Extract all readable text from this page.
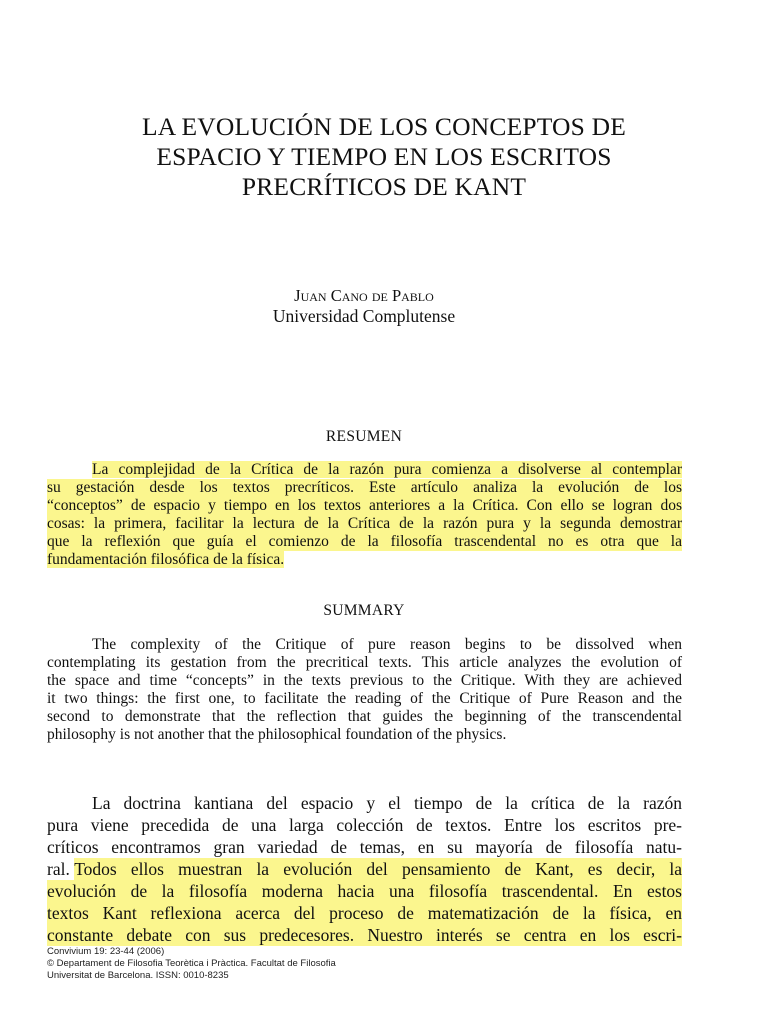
LA EVOLUCIÓN DE LOS CONCEPTOS DE
ESPACIO Y TIEMPO EN LOS ESCRITOS
PRECRÍTICOS DE KANT
Juan Cano de Pablo
Universidad Complutense
RESUMEN
La complejidad de la Crítica de la razón pura comienza a disolverse al contemplar
su gestación desde los textos precríticos. Este artículo analiza la evolución de los
“conceptos” de espacio y tiempo en los textos anteriores a la Crítica. Con ello se logran dos
cosas: la primera, facilitar la lectura de la Crítica de la razón pura y la segunda demostrar
que la reflexión que guía el comienzo de la filosofía trascendental no es otra que la
fundamentación filosófica de la física.
SUMMARY
The complexity of the Critique of pure reason begins to be dissolved when
contemplating its gestation from the precritical texts. This article analyzes the evolution of
the space and time “concepts” in the texts previous to the Critique. With they are achieved
it two things: the first one, to facilitate the reading of the Critique of Pure Reason and the
second to demonstrate that the reflection that guides the beginning of the transcendental
philosophy is not another that the philosophical foundation of the physics.
La doctrina kantiana del espacio y el tiempo de la crítica de la razón
pura viene precedida de una larga colección de textos. Entre los escritos pre-
críticos encontramos gran variedad de temas, en su mayoría de filosofía natu-
ral. Todos ellos muestran la evolución del pensamiento de Kant, es decir, la
evolución de la filosofía moderna hacia una filosofía trascendental. En estos
textos Kant reflexiona acerca del proceso de matematización de la física, en
constante debate con sus predecesores. Nuestro interés se centra en los escri-
Convivium 19: 23-44 (2006)
© Departament de Filosofia Teorètica i Pràctica. Facultat de Filosofia
Universitat de Barcelona. ISSN: 0010-8235
